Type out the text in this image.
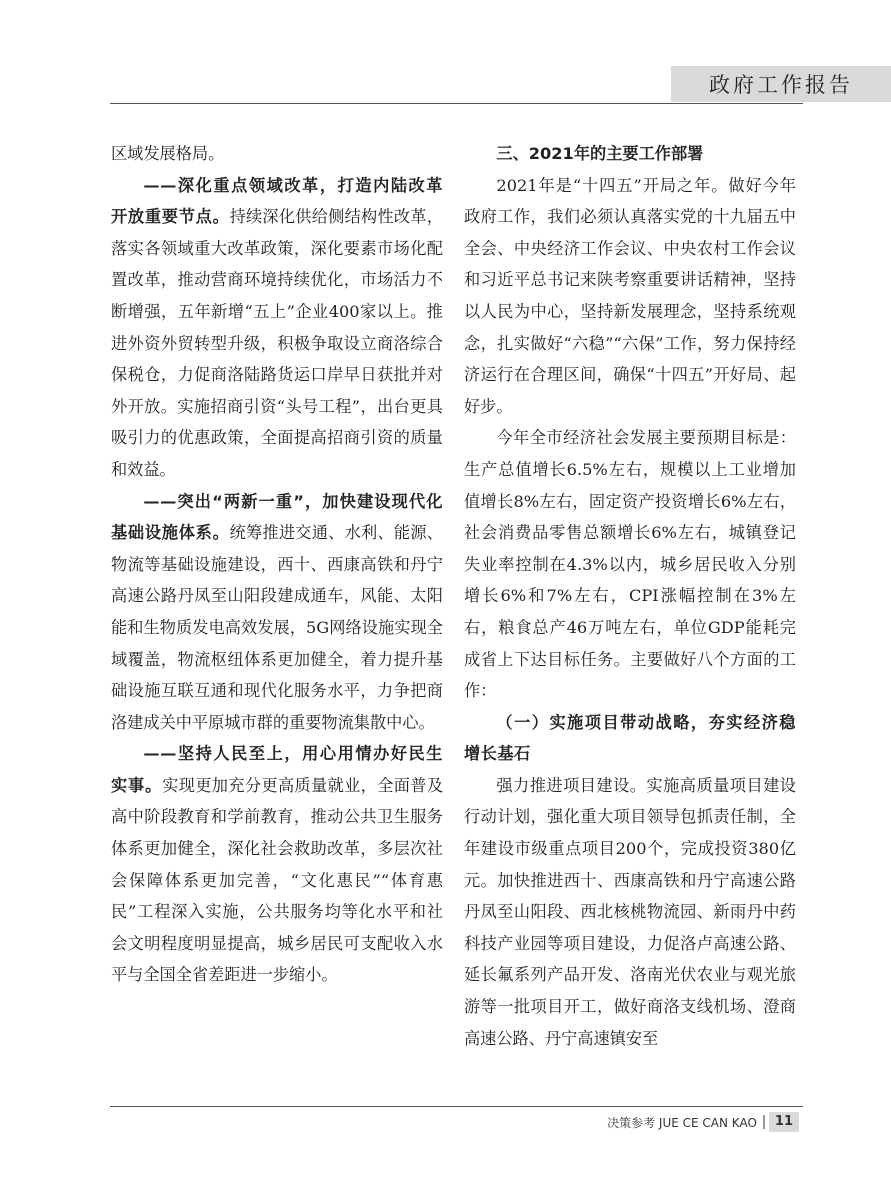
政府工作报告

区域发展格局。

——深化重点领域改革，打造内陆改革开放重要节点。持续深化供给侧结构性改革，落实各领域重大改革政策，深化要素市场化配置改革，推动营商环境持续优化，市场活力不断增强，五年新增“五上”企业400家以上。推进外资外贸转型升级，积极争取设立商洛综合保税仓，力促商洛陆路货运口岸早日获批并对外开放。实施招商引资“头号工程”，出台更具吸引力的优惠政策，全面提高招商引资的质量和效益。

——突出“两新一重”，加快建设现代化基础设施体系。统筹推进交通、水利、能源、物流等基础设施建设，西十、西康高铁和丹宁高速公路丹凤至山阳段建成通车，风能、太阳能和生物质发电高效发展，5G网络设施实现全域覆盖，物流枢纽体系更加健全，着力提升基础设施互联互通和现代化服务水平，力争把商洛建成关中平原城市群的重要物流集散中心。

——坚持人民至上，用心用情办好民生实事。实现更加充分更高质量就业，全面普及高中阶段教育和学前教育，推动公共卫生服务体系更加健全，深化社会救助改革，多层次社会保障体系更加完善，“文化惠民”“体育惠民”工程深入实施，公共服务均等化水平和社会文明程度明显提高，城乡居民可支配收入水平与全国全省差距进一步缩小。

三、2021年的主要工作部署

2021年是“十四五”开局之年。做好今年政府工作，我们必须认真落实党的十九届五中全会、中央经济工作会议、中央农村工作会议和习近平总书记来陕考察重要讲话精神，坚持以人民为中心，坚持新发展理念，坚持系统观念，扎实做好“六稳”“六保”工作，努力保持经济运行在合理区间，确保“十四五”开好局、起好步。

今年全市经济社会发展主要预期目标是：生产总值增长6.5%左右，规模以上工业增加值增长8%左右，固定资产投资增长6%左右，社会消费品零售总额增长6%左右，城镇登记失业率控制在4.3%以内，城乡居民收入分别增长6%和7%左右，CPI涨幅控制在3%左右，粮食总产46万吨左右，单位GDP能耗完成省上下达目标任务。主要做好八个方面的工作：

（一）实施项目带动战略，夯实经济稳增长基石

强力推进项目建设。实施高质量项目建设行动计划，强化重大项目领导包抓责任制，全年建设市级重点项目200个，完成投资380亿元。加快推进西十、西康高铁和丹宁高速公路丹凤至山阳段、西北核桃物流园、新雨丹中药科技产业园等项目建设，力促洛卢高速公路、延长氟系列产品开发、洛南光伏农业与观光旅游等一批项目开工，做好商洛支线机场、澄商高速公路、丹宁高速镇安至

决策参考 JUE CE CAN KAO	11
